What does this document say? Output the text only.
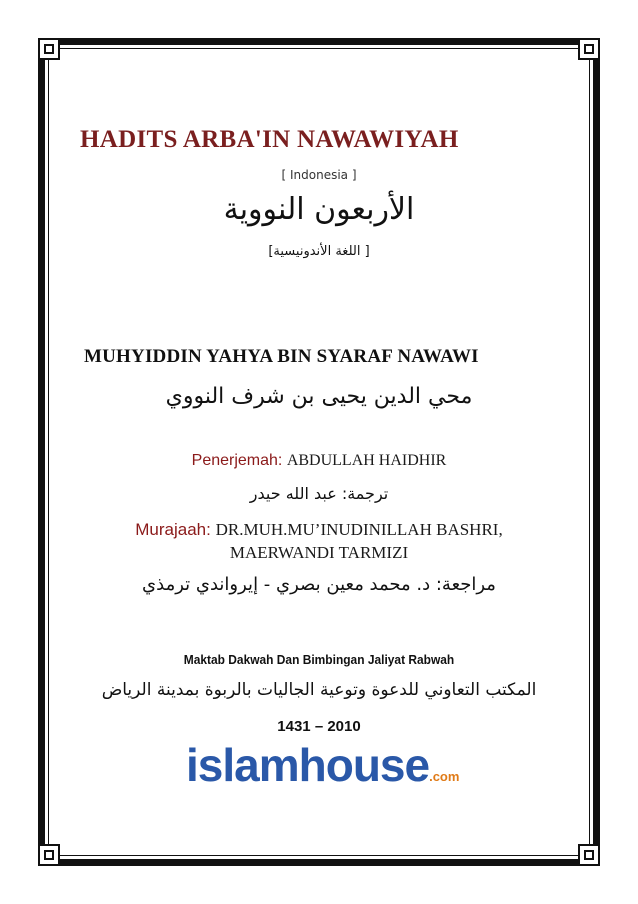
HADITS ARBA'IN NAWAWIYAH
[ Indonesia ]
الأربعون النووية
[ اللغة الأندونيسية]
MUHYIDDIN YAHYA BIN SYARAF NAWAWI
محي الدين يحيى بن شرف النووي
Penerjemah: ABDULLAH HAIDHIR
ترجمة: عبد الله حيدر
Murajaah: DR.MUH.MU’INUDINILLAH BASHRI,
MAERWANDI TARMIZI
مراجعة: د. محمد معين بصري - إيرواندي ترمذي
Maktab Dakwah Dan Bimbingan Jaliyat Rabwah
المكتب التعاوني للدعوة وتوعية الجاليات بالربوة بمدينة الرياض
1431 – 2010
islamhouse.com
